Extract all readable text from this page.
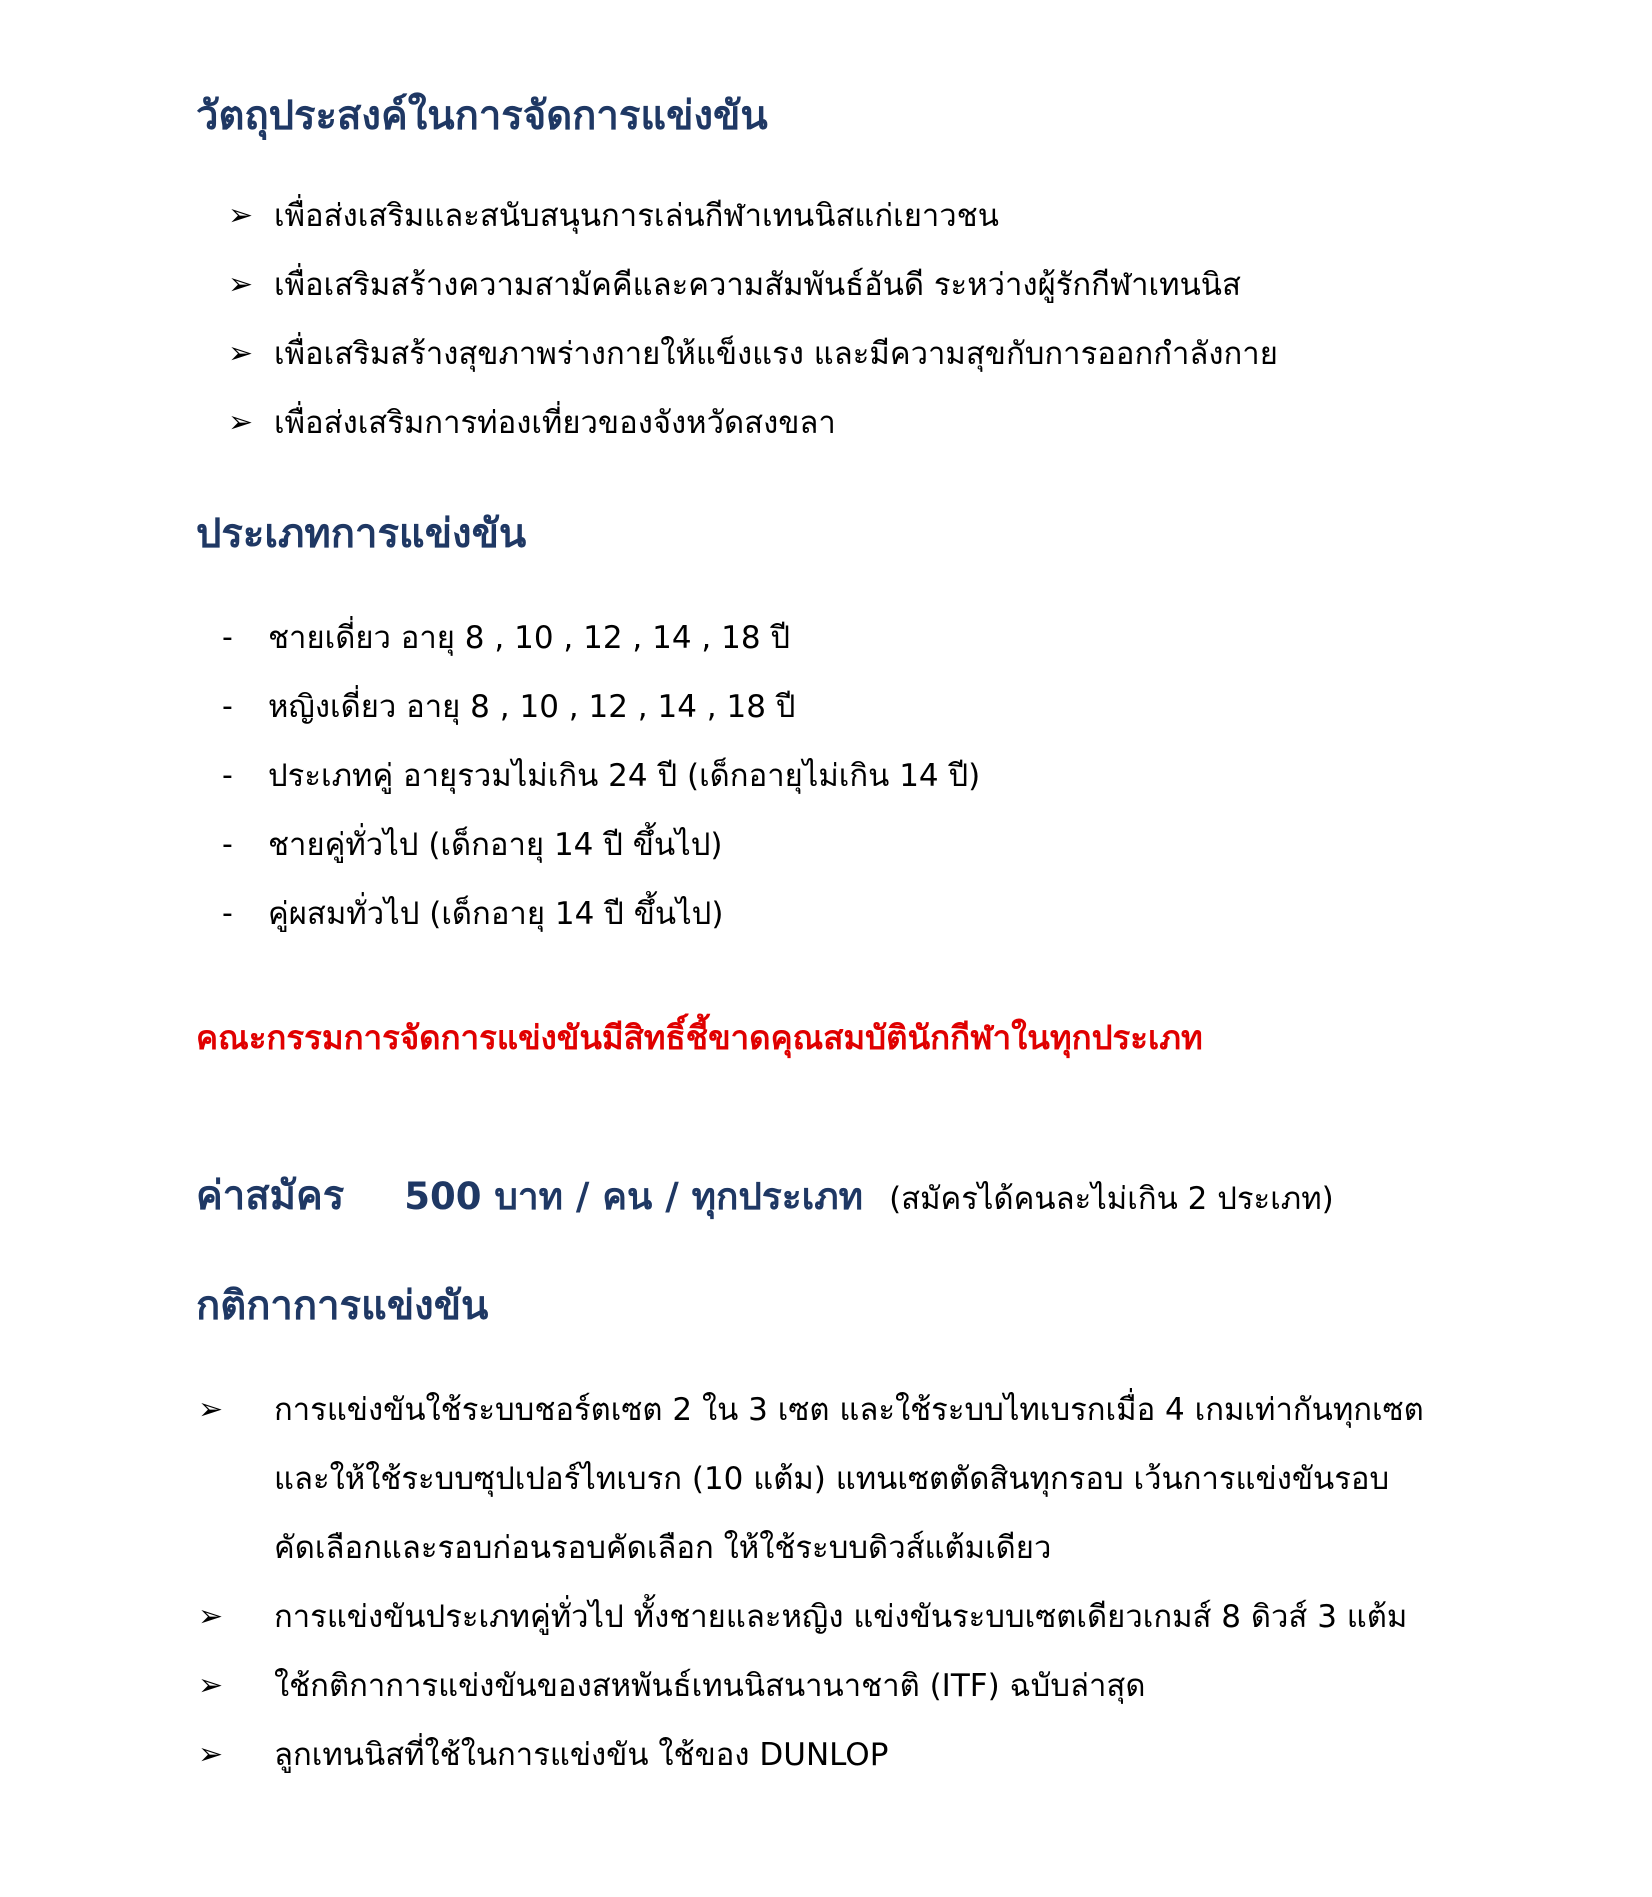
วัตถุประสงค์ในการจัดการแข่งขัน
➢ เพื่อส่งเสริมและสนับสนุนการเล่นกีฬาเทนนิสแก่เยาวชน
➢ เพื่อเสริมสร้างความสามัคคีและความสัมพันธ์อันดี ระหว่างผู้รักกีฬาเทนนิส
➢ เพื่อเสริมสร้างสุขภาพร่างกายให้แข็งแรง และมีความสุขกับการออกกำลังกาย
➢ เพื่อส่งเสริมการท่องเที่ยวของจังหวัดสงขลา
ประเภทการแข่งขัน
- ชายเดี่ยว อายุ 8 , 10 , 12 , 14 , 18 ปี
- หญิงเดี่ยว อายุ 8 , 10 , 12 , 14 , 18 ปี
- ประเภทคู่ อายุรวมไม่เกิน 24 ปี (เด็กอายุไม่เกิน 14 ปี)
- ชายคู่ทั่วไป (เด็กอายุ 14 ปี ขึ้นไป)
- คู่ผสมทั่วไป (เด็กอายุ 14 ปี ขึ้นไป)
คณะกรรมการจัดการแข่งขันมีสิทธิ์ชี้ขาดคุณสมบัตินักกีฬาในทุกประเภท
ค่าสมัคร 500 บาท / คน / ทุกประเภท (สมัครได้คนละไม่เกิน 2 ประเภท)
กติกาการแข่งขัน
➢ การแข่งขันใช้ระบบชอร์ตเซต 2 ใน 3 เซต และใช้ระบบไทเบรกเมื่อ 4 เกมเท่ากันทุกเซต
และให้ใช้ระบบซุปเปอร์ไทเบรก (10 แต้ม) แทนเซตตัดสินทุกรอบ เว้นการแข่งขันรอบ
คัดเลือกและรอบก่อนรอบคัดเลือก ให้ใช้ระบบดิวส์แต้มเดียว
➢ การแข่งขันประเภทคู่ทั่วไป ทั้งชายและหญิง แข่งขันระบบเซตเดียวเกมส์ 8 ดิวส์ 3 แต้ม
➢ ใช้กติกาการแข่งขันของสหพันธ์เทนนิสนานาชาติ (ITF) ฉบับล่าสุด
➢ ลูกเทนนิสที่ใช้ในการแข่งขัน ใช้ของ DUNLOP
